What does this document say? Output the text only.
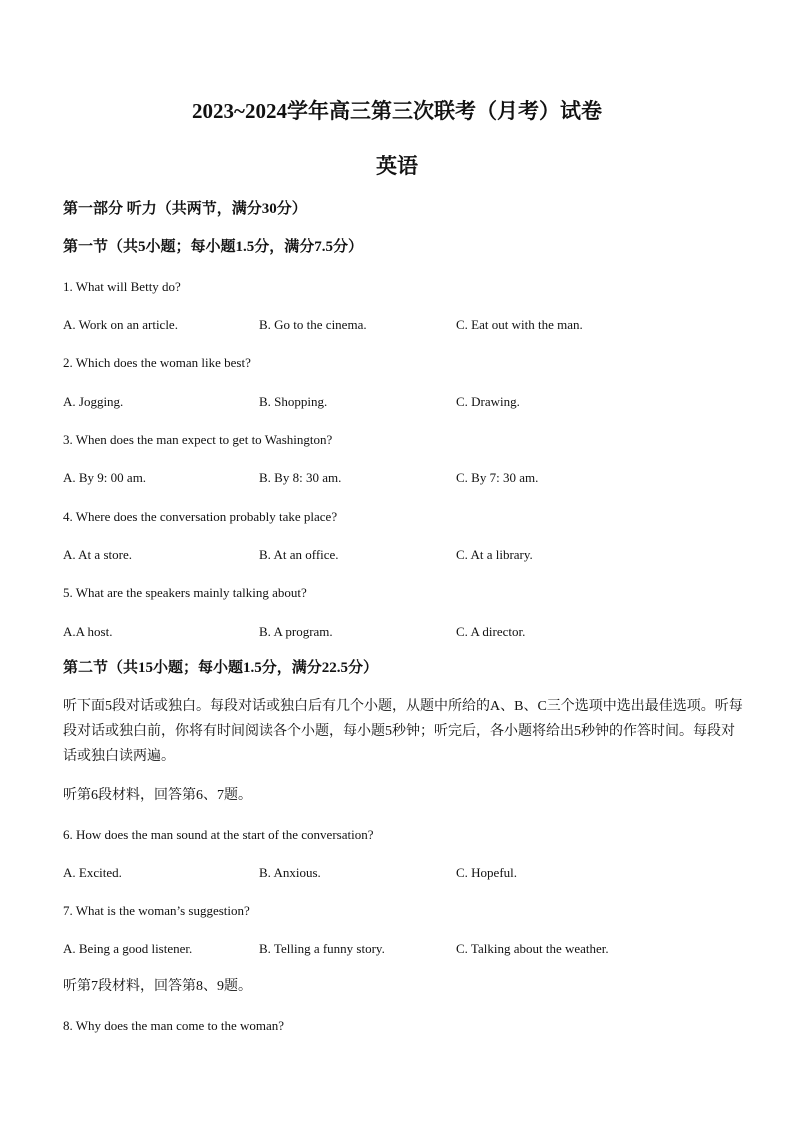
2023~2024学年高三第三次联考（月考）试卷
英语
第一部分 听力（共两节，满分30分）
第一节（共5小题；每小题1.5分，满分7.5分）
1. What will Betty do?
A. Work on an article.	B. Go to the cinema.	C. Eat out with the man.
2. Which does the woman like best?
A. Jogging.	B. Shopping.	C. Drawing.
3. When does the man expect to get to Washington?
A. By 9: 00 am.	B. By 8: 30 am.	C. By 7: 30 am.
4. Where does the conversation probably take place?
A. At a store.	B. At an office.	C. At a library.
5. What are the speakers mainly talking about?
A.A host.	B. A program.	C. A director.
第二节（共15小题；每小题1.5分，满分22.5分）
听下面5段对话或独白。每段对话或独白后有几个小题，从题中所给的A、B、C三个选项中选出最佳选项。听每段对话或独白前，你将有时间阅读各个小题，每小题5秒钟；听完后，各小题将给出5秒钟的作答时间。每段对话或独白读两遍。
听第6段材料，回答第6、7题。
6. How does the man sound at the start of the conversation?
A. Excited.	B. Anxious.	C. Hopeful.
7. What is the woman’s suggestion?
A. Being a good listener.	B. Telling a funny story.	C. Talking about the weather.
听第7段材料，回答第8、9题。
8. Why does the man come to the woman?
